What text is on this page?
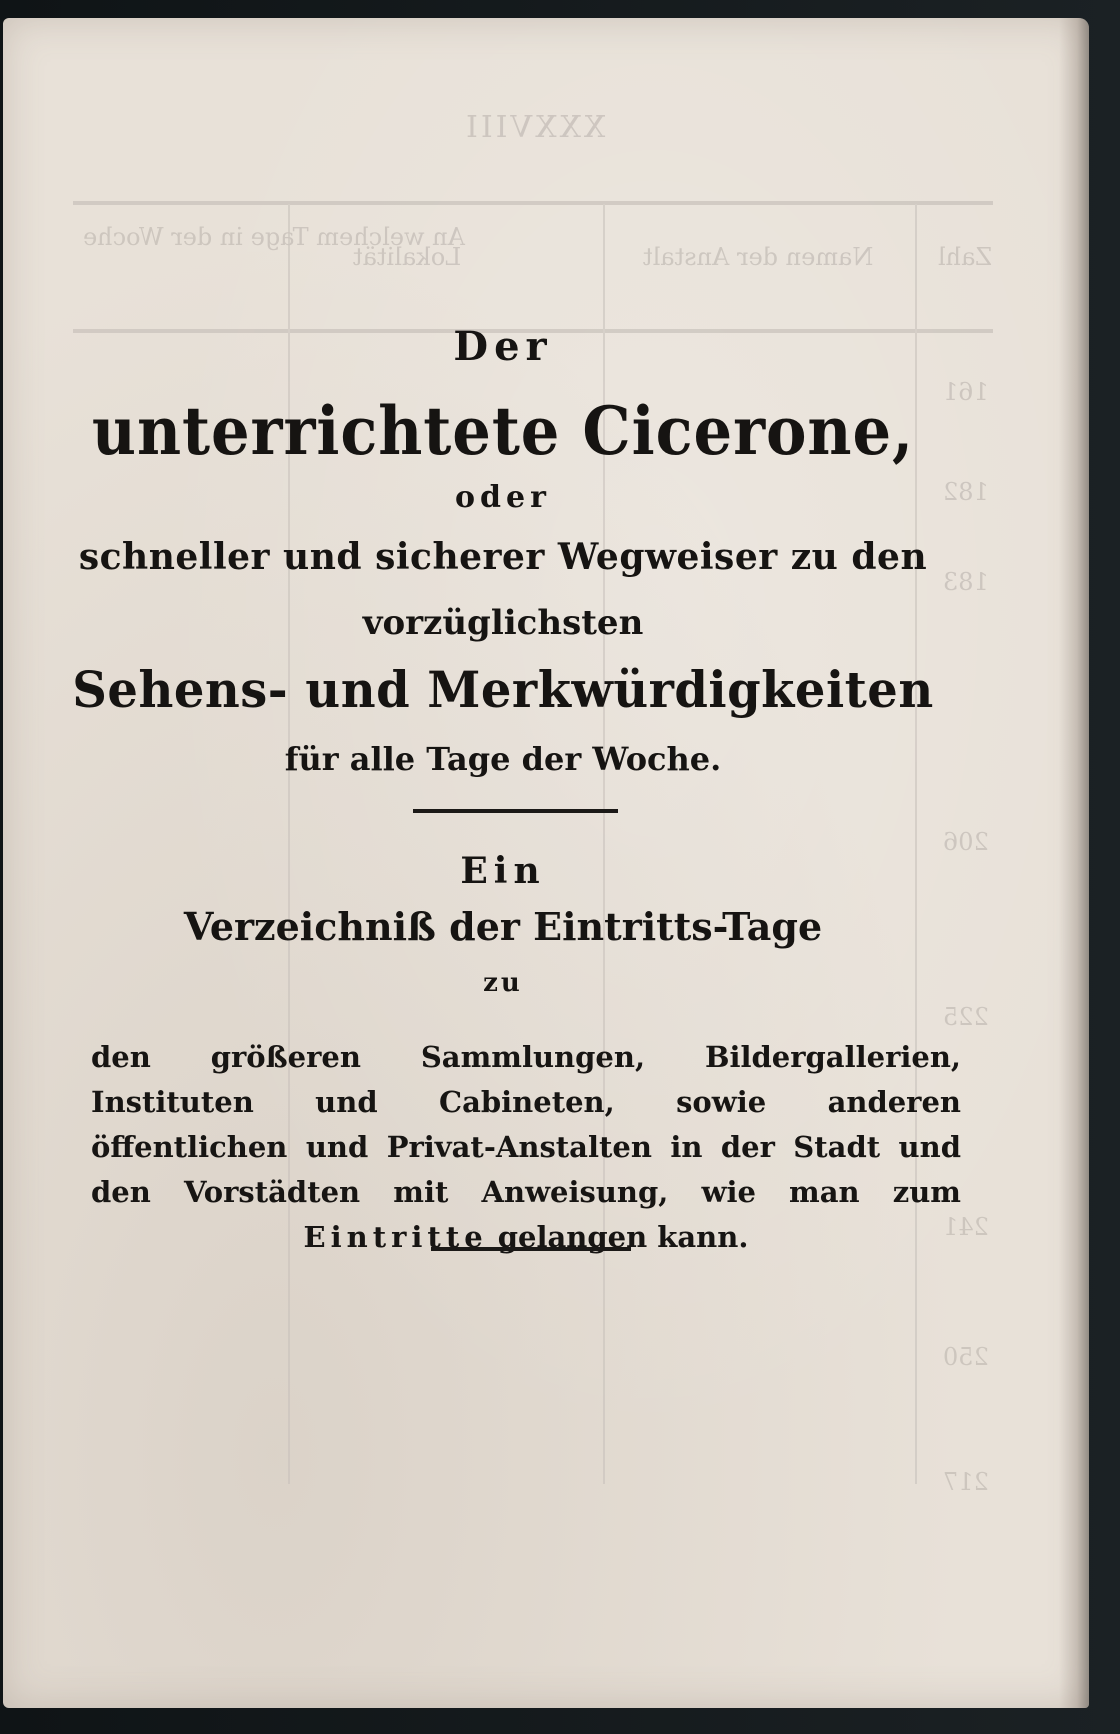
XXXVIII
Zahl
Namen der Anstalt
Lokalität
An welchem Tage in der Woche
161
182
183
206
225
250
241
217

Der

unterrichtete Cicerone,

oder

schneller und sicherer Wegweiser zu den

vorzüglichsten

Sehens- und Merkwürdigkeiten

für alle Tage der Woche.

Ein

Verzeichniß der Eintritts-Tage

zu

den größeren Sammlungen, Bildergallerien, Instituten und Cabineten, sowie anderen öffentlichen und Privat-Anstalten in der Stadt und den Vorstädten mit Anweisung, wie man zum Eintritte gelangen kann.
